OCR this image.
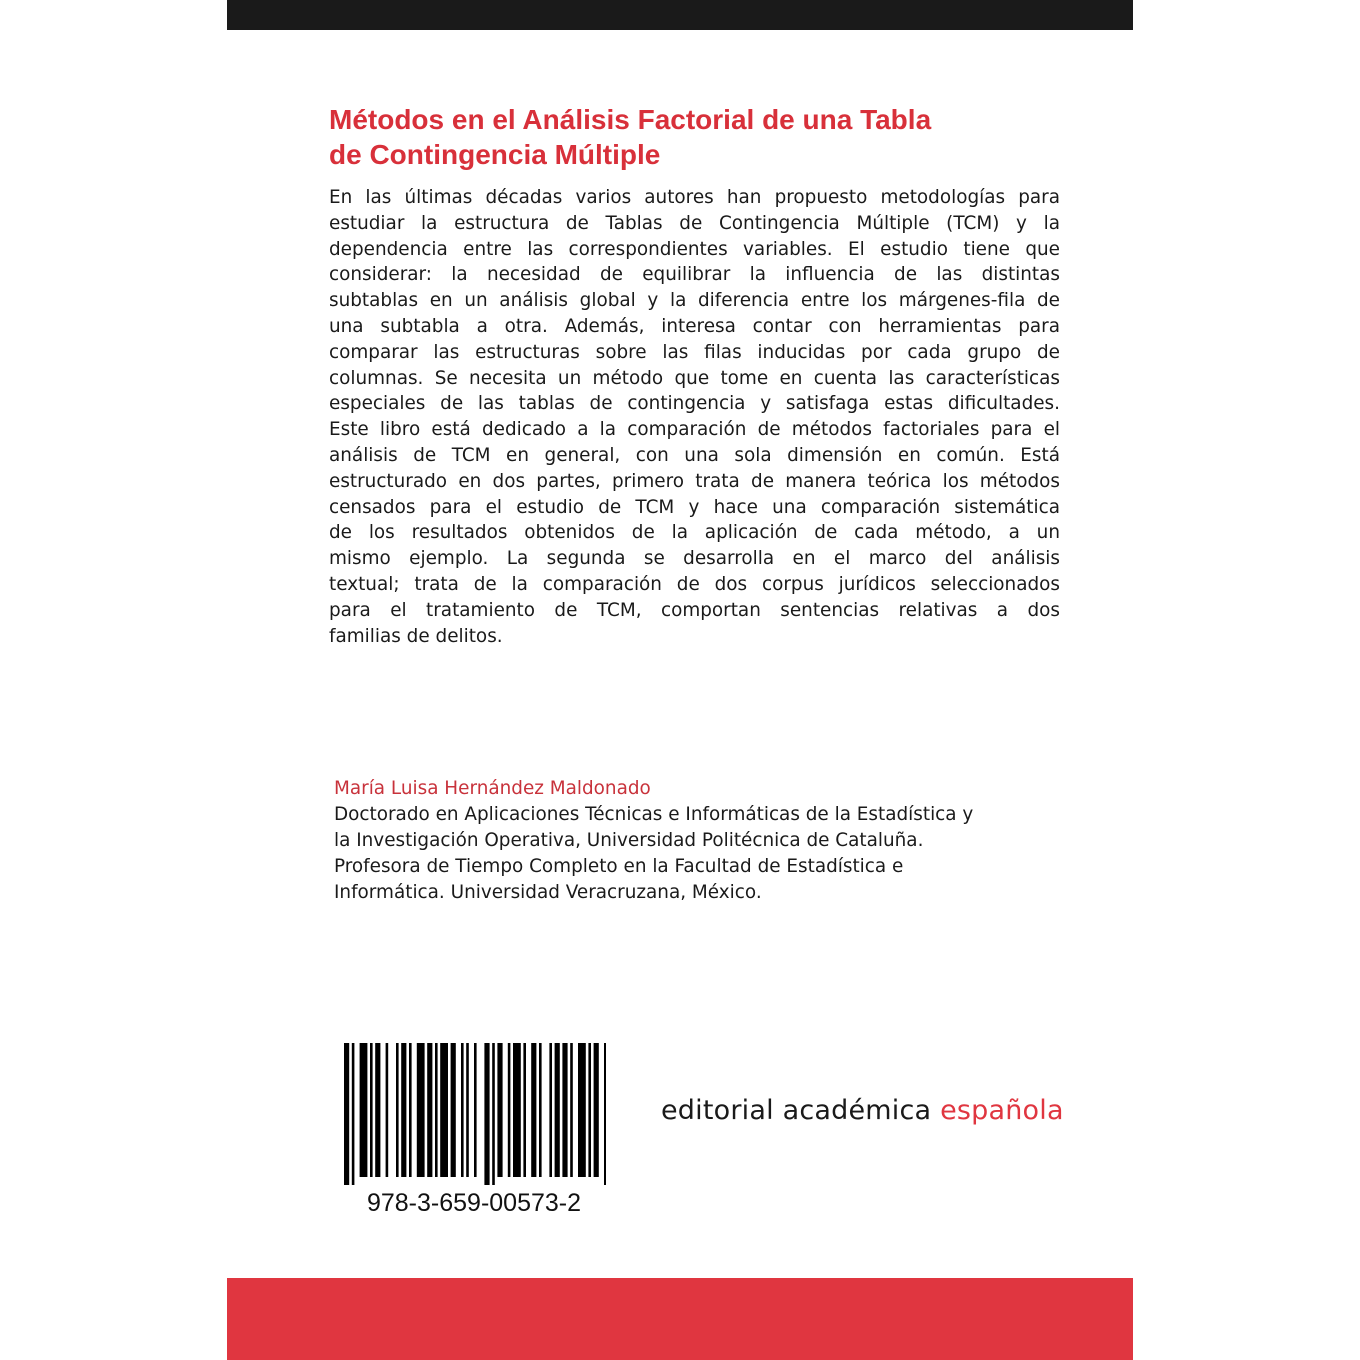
Métodos en el Análisis Factorial de una Tabla
de Contingencia Múltiple
En las últimas décadas varios autores han propuesto metodologías para
estudiar la estructura de Tablas de Contingencia Múltiple (TCM) y la
dependencia entre las correspondientes variables. El estudio tiene que
considerar: la necesidad de equilibrar la influencia de las distintas
subtablas en un análisis global y la diferencia entre los márgenes-fila de
una subtabla a otra. Además, interesa contar con herramientas para
comparar las estructuras sobre las filas inducidas por cada grupo de
columnas. Se necesita un método que tome en cuenta las características
especiales de las tablas de contingencia y satisfaga estas dificultades.
Este libro está dedicado a la comparación de métodos factoriales para el
análisis de TCM en general, con una sola dimensión en común. Está
estructurado en dos partes, primero trata de manera teórica los métodos
censados para el estudio de TCM y hace una comparación sistemática
de los resultados obtenidos de la aplicación de cada método, a un
mismo ejemplo. La segunda se desarrolla en el marco del análisis
textual; trata de la comparación de dos corpus jurídicos seleccionados
para el tratamiento de TCM, comportan sentencias relativas a dos
familias de delitos.
María Luisa Hernández Maldonado
Doctorado en Aplicaciones Técnicas e Informáticas de la Estadística y
la Investigación Operativa, Universidad Politécnica de Cataluña.
Profesora de Tiempo Completo en la Facultad de Estadística e
Informática. Universidad Veracruzana, México.
978-3-659-00573-2
editorial académica española
